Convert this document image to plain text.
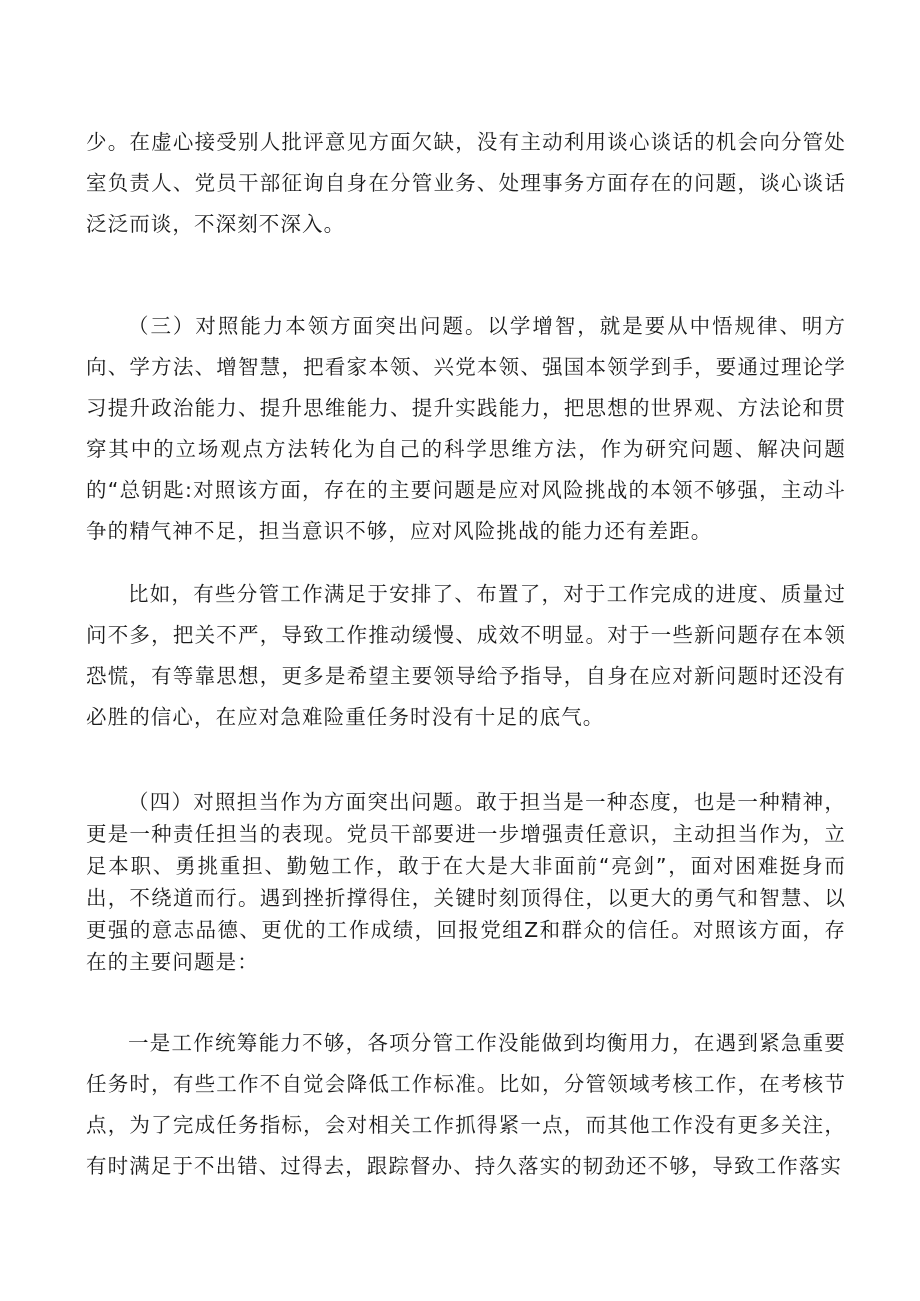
少。在虚心接受别人批评意见方面欠缺，没有主动利用谈心谈话的机会向分管处室负责人、党员干部征询自身在分管业务、处理事务方面存在的问题，谈心谈话泛泛而谈，不深刻不深入。

（三）对照能力本领方面突出问题。以学增智，就是要从中悟规律、明方向、学方法、增智慧，把看家本领、兴党本领、强国本领学到手，要通过理论学习提升政治能力、提升思维能力、提升实践能力，把思想的世界观、方法论和贯穿其中的立场观点方法转化为自己的科学思维方法，作为研究问题、解决问题的“总钥匙:对照该方面，存在的主要问题是应对风险挑战的本领不够强，主动斗争的精气神不足，担当意识不够，应对风险挑战的能力还有差距。

比如，有些分管工作满足于安排了、布置了，对于工作完成的进度、质量过问不多，把关不严，导致工作推动缓慢、成效不明显。对于一些新问题存在本领恐慌，有等靠思想，更多是希望主要领导给予指导，自身在应对新问题时还没有必胜的信心，在应对急难险重任务时没有十足的底气。

（四）对照担当作为方面突出问题。敢于担当是一种态度，也是一种精神，更是一种责任担当的表现。党员干部要进一步增强责任意识，主动担当作为，立足本职、勇挑重担、勤勉工作，敢于在大是大非面前“亮剑”，面对困难挺身而出，不绕道而行。遇到挫折撑得住，关键时刻顶得住，以更大的勇气和智慧、以更强的意志品德、更优的工作成绩，回报党组Z和群众的信任。对照该方面，存在的主要问题是：

一是工作统筹能力不够，各项分管工作没能做到均衡用力，在遇到紧急重要任务时，有些工作不自觉会降低工作标准。比如，分管领域考核工作，在考核节点，为了完成任务指标，会对相关工作抓得紧一点，而其他工作没有更多关注，有时满足于不出错、过得去，跟踪督办、持久落实的韧劲还不够，导致工作落实
